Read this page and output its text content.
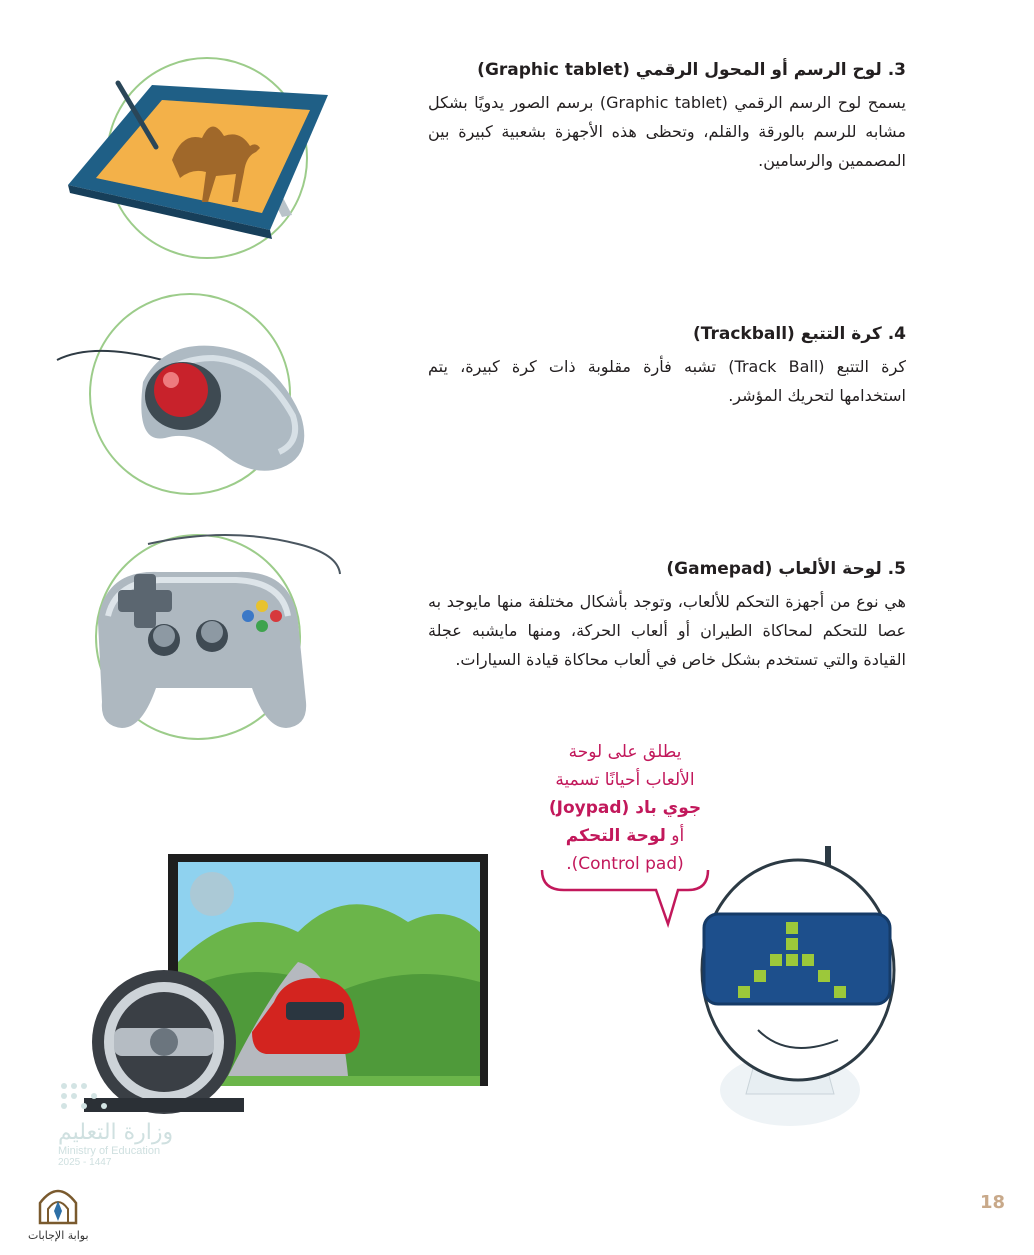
3. لوح الرسم أو المحول الرقمي (Graphic tablet)

يسمح لوح الرسم الرقمي (Graphic tablet) برسم الصور يدويًا بشكل مشابه للرسم بالورقة والقلم، وتحظى هذه الأجهزة بشعبية كبيرة بين المصممين والرسامين.

4. كرة التتبع (Trackball)

كرة التتبع (Track Ball) تشبه فأرة مقلوبة ذات كرة كبيرة، يتم استخدامها لتحريك المؤشر.

5. لوحة الألعاب (Gamepad)

هي نوع من أجهزة التحكم للألعاب، وتوجد بأشكال مختلفة منها مايوجد به عصا للتحكم لمحاكاة الطيران أو ألعاب الحركة، ومنها مايشبه عجلة القيادة والتي تستخدم بشكل خاص في ألعاب محاكاة قيادة السيارات.

يطلق على لوحة
الألعاب أحيانًا تسمية
جوي باد (Joypad)
أو لوحة التحكم
(Control pad).
وزارة التعليم
Ministry of Education
2025 - 1447
بوابة الإجابات
18
